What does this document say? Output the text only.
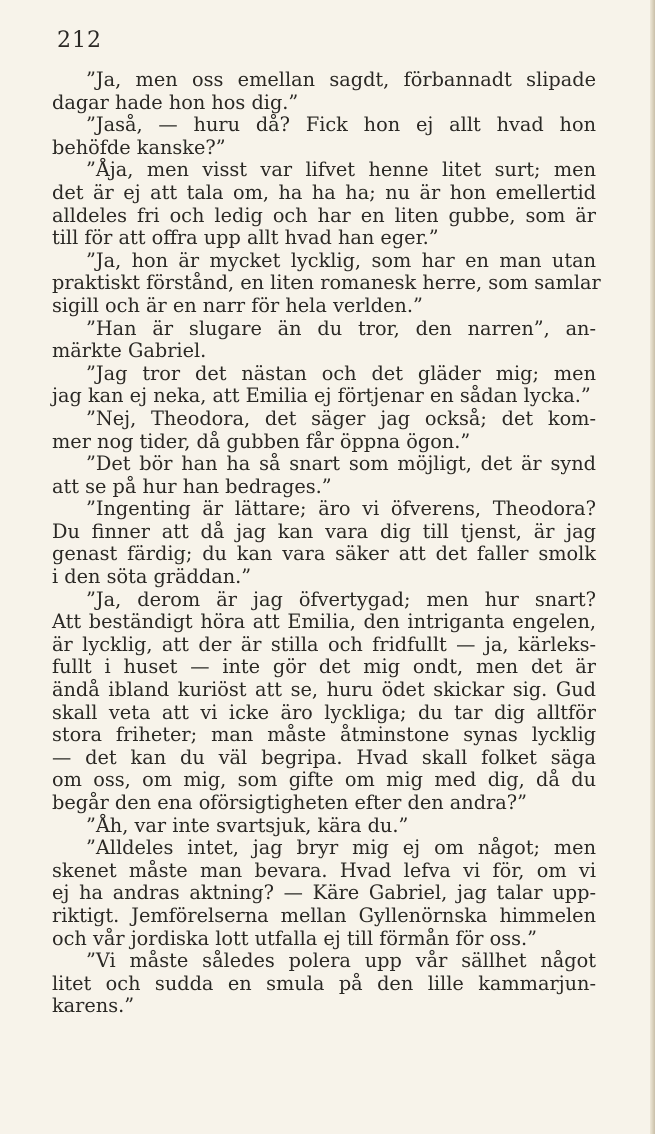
212
”Ja, men oss emellan sagdt, förbannadt slipade
dagar hade hon hos dig.”
”Jaså, — huru då? Fick hon ej allt hvad hon
behöfde kanske?”
”Åja, men visst var lifvet henne litet surt; men
det är ej att tala om, ha ha ha; nu är hon emellertid
alldeles fri och ledig och har en liten gubbe, som är
till för att offra upp allt hvad han eger.”
”Ja, hon är mycket lycklig, som har en man utan
praktiskt förstånd, en liten romanesk herre, som samlar
sigill och är en narr för hela verlden.”
”Han är slugare än du tror, den narren”, an-
märkte Gabriel.
”Jag tror det nästan och det gläder mig; men
jag kan ej neka, att Emilia ej förtjenar en sådan lycka.”
”Nej, Theodora, det säger jag också; det kom-
mer nog tider, då gubben får öppna ögon.”
”Det bör han ha så snart som möjligt, det är synd
att se på hur han bedrages.”
”Ingenting är lättare; äro vi öfverens, Theodora?
Du finner att då jag kan vara dig till tjenst, är jag
genast färdig; du kan vara säker att det faller smolk
i den söta gräddan.”
”Ja, derom är jag öfvertygad; men hur snart?
Att beständigt höra att Emilia, den intriganta engelen,
är lycklig, att der är stilla och fridfullt — ja, kärleks-
fullt i huset — inte gör det mig ondt, men det är
ändå ibland kuriöst att se, huru ödet skickar sig. Gud
skall veta att vi icke äro lyckliga; du tar dig alltför
stora friheter; man måste åtminstone synas lycklig
— det kan du väl begripa. Hvad skall folket säga
om oss, om mig, som gifte om mig med dig, då du
begår den ena oförsigtigheten efter den andra?”
”Åh, var inte svartsjuk, kära du.”
”Alldeles intet, jag bryr mig ej om något; men
skenet måste man bevara. Hvad lefva vi för, om vi
ej ha andras aktning? — Käre Gabriel, jag talar upp-
riktigt. Jemförelserna mellan Gyllenörnska himmelen
och vår jordiska lott utfalla ej till förmån för oss.”
”Vi måste således polera upp vår sällhet något
litet och sudda en smula på den lille kammarjun-
karens.”
